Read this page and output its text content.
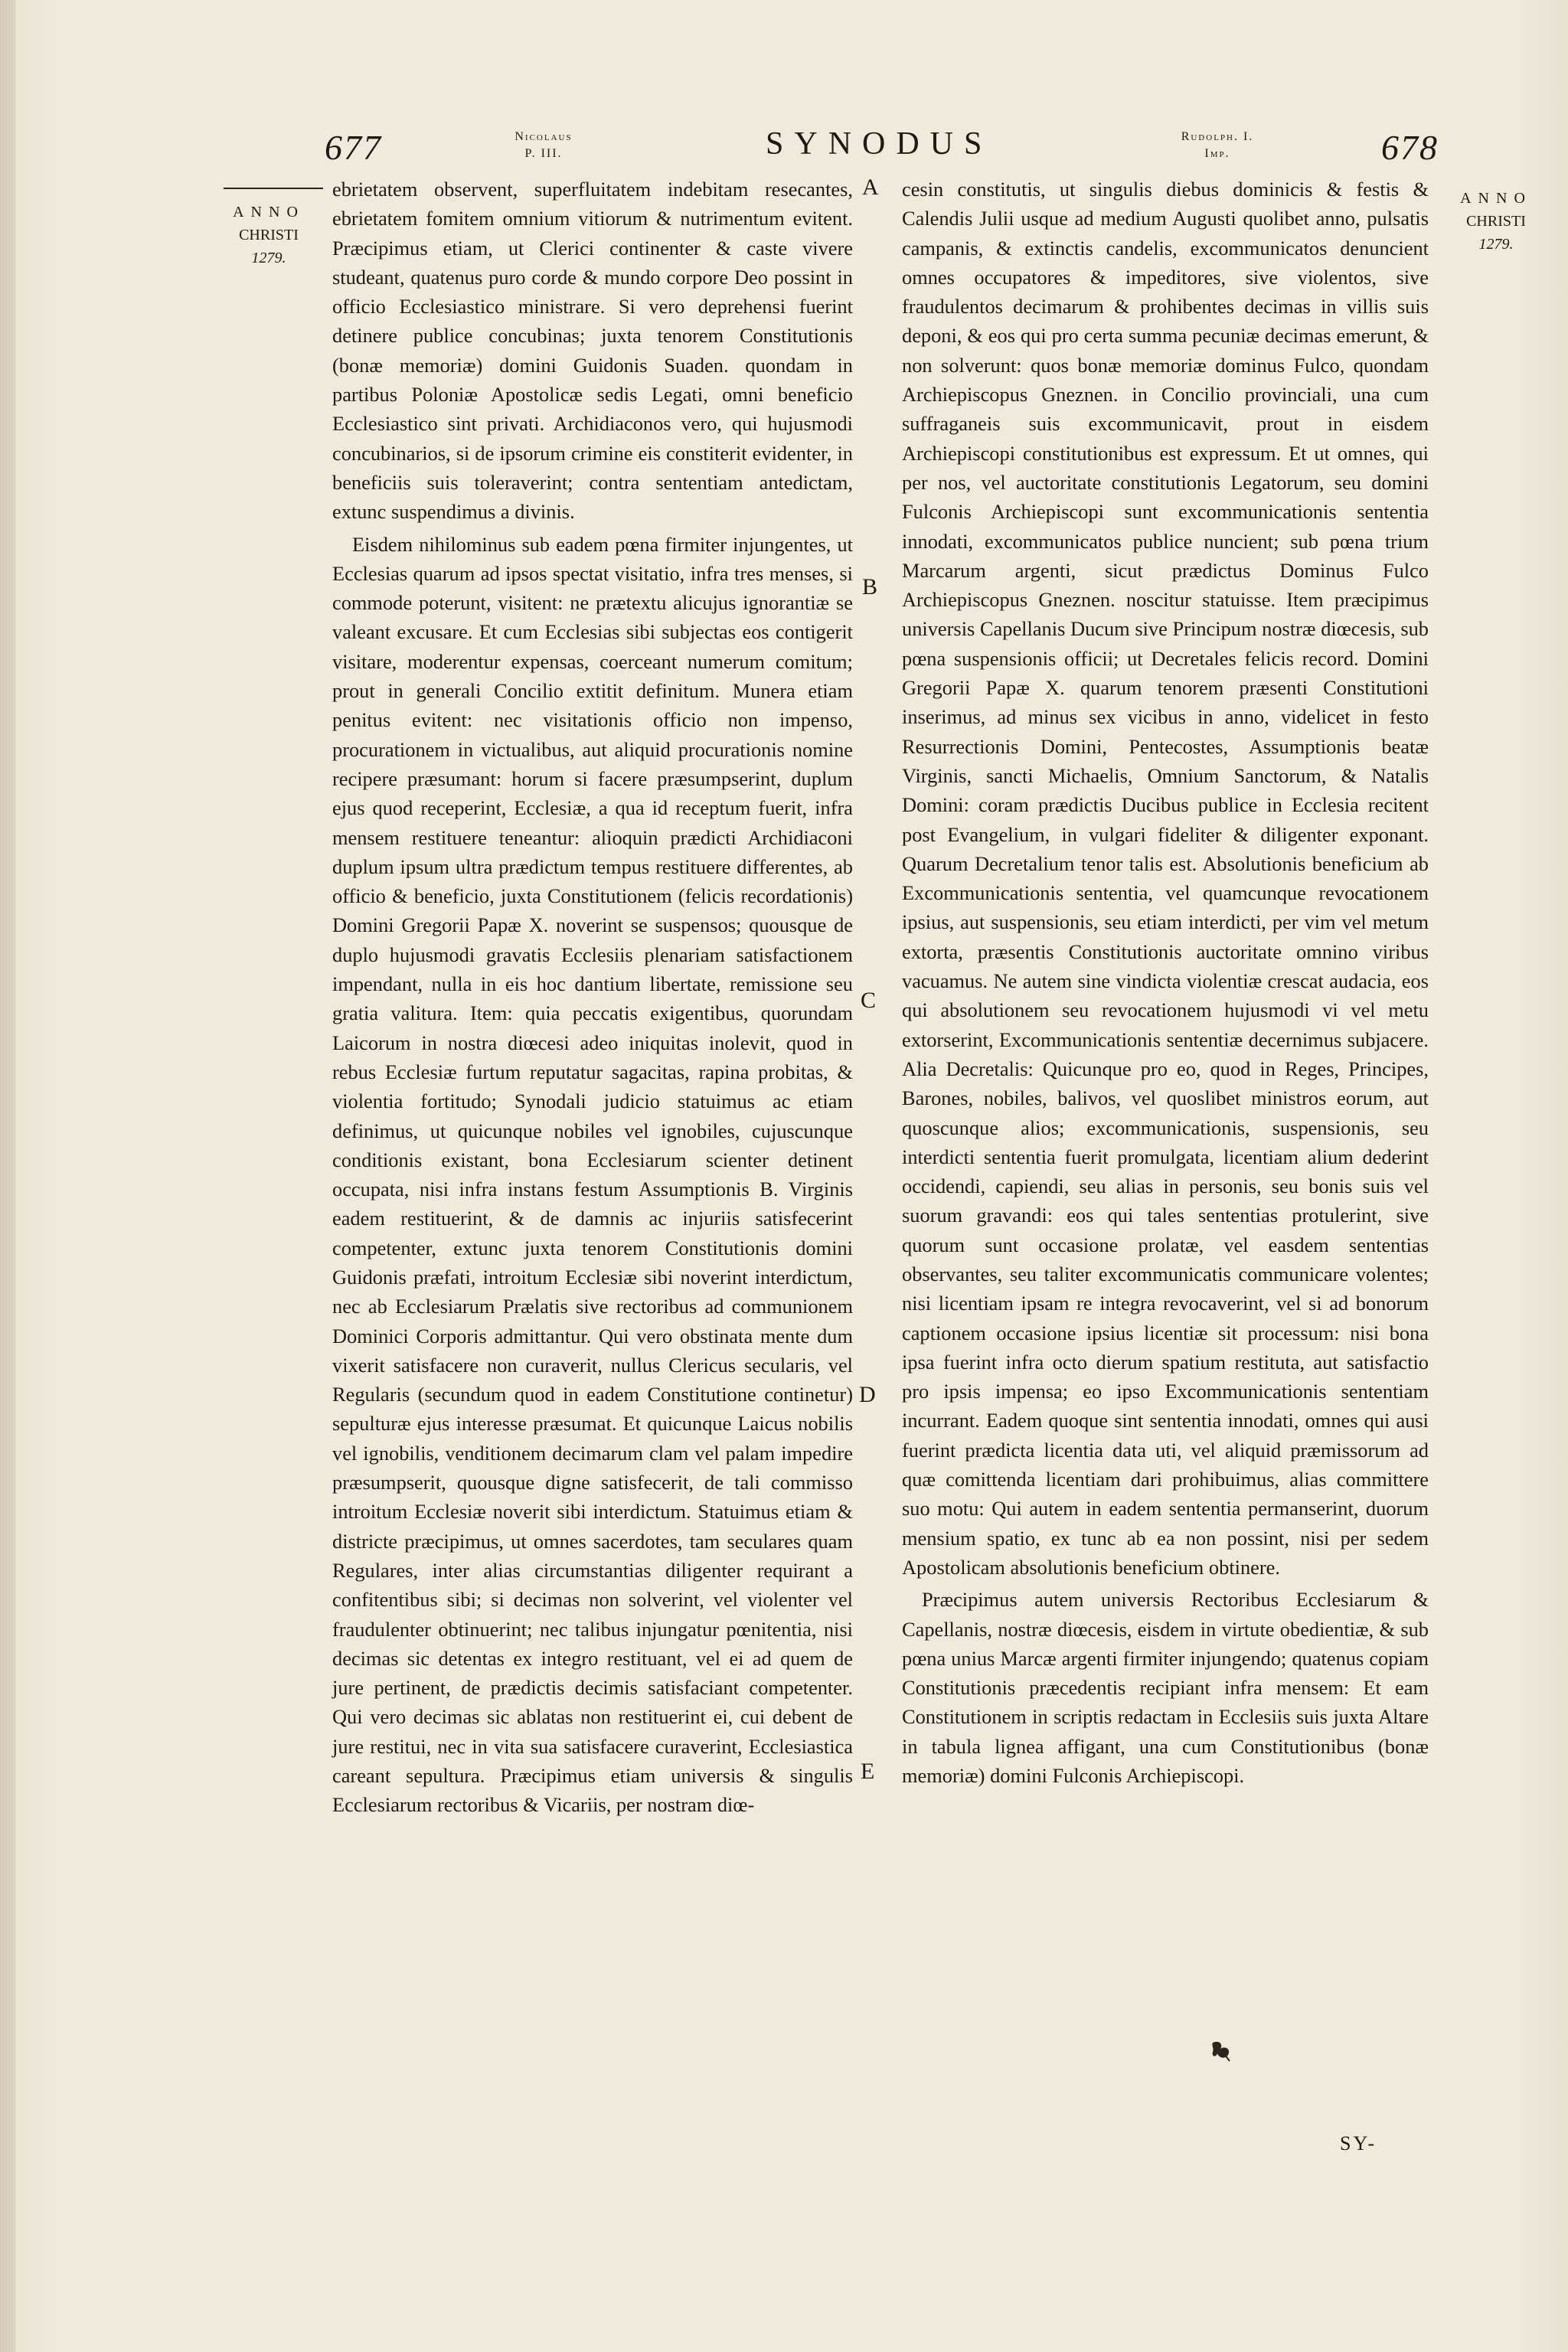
677	Nicolaus
P. III.	SYNODUS	Rudolph. I.
Imp.	678
ANNO
CHRISTI
1279.
ANNO
CHRISTI
1279.

ebrietatem observent, superfluitatem indebitam resecantes, ebrietatem fomitem omnium vitiorum & nutrimentum evitent. Præcipimus etiam, ut Clerici continenter & caste vivere studeant, quatenus puro corde & mundo corpore Deo possint in officio Ecclesiastico ministrare. Si vero deprehensi fuerint detinere publice concubinas; juxta tenorem Constitutionis (bonæ memoriæ) domini Guidonis Suaden. quondam in partibus Poloniæ Apostolicæ sedis Legati, omni beneficio Ecclesiastico sint privati. Archidiaconos vero, qui hujusmodi concubinarios, si de ipsorum crimine eis constiterit evidenter, in beneficiis suis toleraverint; contra sententiam antedictam, extunc suspendimus a divinis.

Eisdem nihilominus sub eadem pœna firmiter injungentes, ut Ecclesias quarum ad ipsos spectat visitatio, infra tres menses, si commode poterunt, visitent: ne prætextu alicujus ignorantiæ se valeant excusare. Et cum Ecclesias sibi subjectas eos contigerit visitare, moderentur expensas, coerceant numerum comitum; prout in generali Concilio extitit definitum. Munera etiam penitus evitent: nec visitationis officio non impenso, procurationem in victualibus, aut aliquid procurationis nomine recipere præsumant: horum si facere præsumpserint, duplum ejus quod receperint, Ecclesiæ, a qua id receptum fuerit, infra mensem restituere teneantur: alioquin prædicti Archidiaconi duplum ipsum ultra prædictum tempus restituere differentes, ab officio & beneficio, juxta Constitutionem (felicis recordationis) Domini Gregorii Papæ X. noverint se suspensos; quousque de duplo hujusmodi gravatis Ecclesiis plenariam satisfactionem impendant, nulla in eis hoc dantium libertate, remissione seu gratia valitura. Item: quia peccatis exigentibus, quorundam Laicorum in nostra diœcesi adeo iniquitas inolevit, quod in rebus Ecclesiæ furtum reputatur sagacitas, rapina probitas, & violentia fortitudo; Synodali judicio statuimus ac etiam definimus, ut quicunque nobiles vel ignobiles, cujuscunque conditionis existant, bona Ecclesiarum scienter detinent occupata, nisi infra instans festum Assumptionis B. Virginis eadem restituerint, & de damnis ac injuriis satisfecerint competenter, extunc juxta tenorem Constitutionis domini Guidonis præfati, introitum Ecclesiæ sibi noverint interdictum, nec ab Ecclesiarum Prælatis sive rectoribus ad communionem Dominici Corporis admittantur. Qui vero obstinata mente dum vixerit satisfacere non curaverit, nullus Clericus secularis, vel Regularis (secundum quod in eadem Constitutione continetur) sepulturæ ejus interesse præsumat. Et quicunque Laicus nobilis vel ignobilis, venditionem decimarum clam vel palam impedire præsumpserit, quousque digne satisfecerit, de tali commisso introitum Ecclesiæ noverit sibi interdictum. Statuimus etiam & districte præcipimus, ut omnes sacerdotes, tam seculares quam Regulares, inter alias circumstantias diligenter requirant a confitentibus sibi; si decimas non solverint, vel violenter vel fraudulenter obtinuerint; nec talibus injungatur pœnitentia, nisi decimas sic detentas ex integro restituant, vel ei ad quem de jure pertinent, de prædictis decimis satisfaciant competenter. Qui vero decimas sic ablatas non restituerint ei, cui debent de jure restitui, nec in vita sua satisfacere curaverint, Ecclesiastica careant sepultura. Præcipimus etiam universis & singulis Ecclesiarum rectoribus & Vicariis, per nostram diœ-

A
B
C
D
E

cesin constitutis, ut singulis diebus dominicis & festis & Calendis Julii usque ad medium Augusti quolibet anno, pulsatis campanis, & extinctis candelis, excommunicatos denuncient omnes occupatores & impeditores, sive violentos, sive fraudulentos decimarum & prohibentes decimas in villis suis deponi, & eos qui pro certa summa pecuniæ decimas emerunt, & non solverunt: quos bonæ memoriæ dominus Fulco, quondam Archiepiscopus Gneznen. in Concilio provinciali, una cum suffraganeis suis excommunicavit, prout in eisdem Archiepiscopi constitutionibus est expressum. Et ut omnes, qui per nos, vel auctoritate constitutionis Legatorum, seu domini Fulconis Archiepiscopi sunt excommunicationis sententia innodati, excommunicatos publice nuncient; sub pœna trium Marcarum argenti, sicut prædictus Dominus Fulco Archiepiscopus Gneznen. noscitur statuisse. Item præcipimus universis Capellanis Ducum sive Principum nostræ diœcesis, sub pœna suspensionis officii; ut Decretales felicis record. Domini Gregorii Papæ X. quarum tenorem præsenti Constitutioni inserimus, ad minus sex vicibus in anno, videlicet in festo Resurrectionis Domini, Pentecostes, Assumptionis beatæ Virginis, sancti Michaelis, Omnium Sanctorum, & Natalis Domini: coram prædictis Ducibus publice in Ecclesia recitent post Evangelium, in vulgari fideliter & diligenter exponant. Quarum Decretalium tenor talis est. Absolutionis beneficium ab Excommunicationis sententia, vel quamcunque revocationem ipsius, aut suspensionis, seu etiam interdicti, per vim vel metum extorta, præsentis Constitutionis auctoritate omnino viribus vacuamus. Ne autem sine vindicta violentiæ crescat audacia, eos qui absolutionem seu revocationem hujusmodi vi vel metu extorserint, Excommunicationis sententiæ decernimus subjacere. Alia Decretalis: Quicunque pro eo, quod in Reges, Principes, Barones, nobiles, balivos, vel quoslibet ministros eorum, aut quoscunque alios; excommunicationis, suspensionis, seu interdicti sententia fuerit promulgata, licentiam alium dederint occidendi, capiendi, seu alias in personis, seu bonis suis vel suorum gravandi: eos qui tales sententias protulerint, sive quorum sunt occasione prolatæ, vel easdem sententias observantes, seu taliter excommunicatis communicare volentes; nisi licentiam ipsam re integra revocaverint, vel si ad bonorum captionem occasione ipsius licentiæ sit processum: nisi bona ipsa fuerint infra octo dierum spatium restituta, aut satisfactio pro ipsis impensa; eo ipso Excommunicationis sententiam incurrant. Eadem quoque sint sententia innodati, omnes qui ausi fuerint prædicta licentia data uti, vel aliquid præmissorum ad quæ comittenda licentiam dari prohibuimus, alias committere suo motu: Qui autem in eadem sententia permanserint, duorum mensium spatio, ex tunc ab ea non possint, nisi per sedem Apostolicam absolutionis beneficium obtinere.

Præcipimus autem universis Rectoribus Ecclesiarum & Capellanis, nostræ diœcesis, eisdem in virtute obedientiæ, & sub pœna unius Marcæ argenti firmiter injungendo; quatenus copiam Constitutionis præcedentis recipiant infra mensem: Et eam Constitutionem in scriptis redactam in Ecclesiis suis juxta Altare in tabula lignea affigant, una cum Constitutionibus (bonæ memoriæ) domini Fulconis Archiepiscopi.

SY-
